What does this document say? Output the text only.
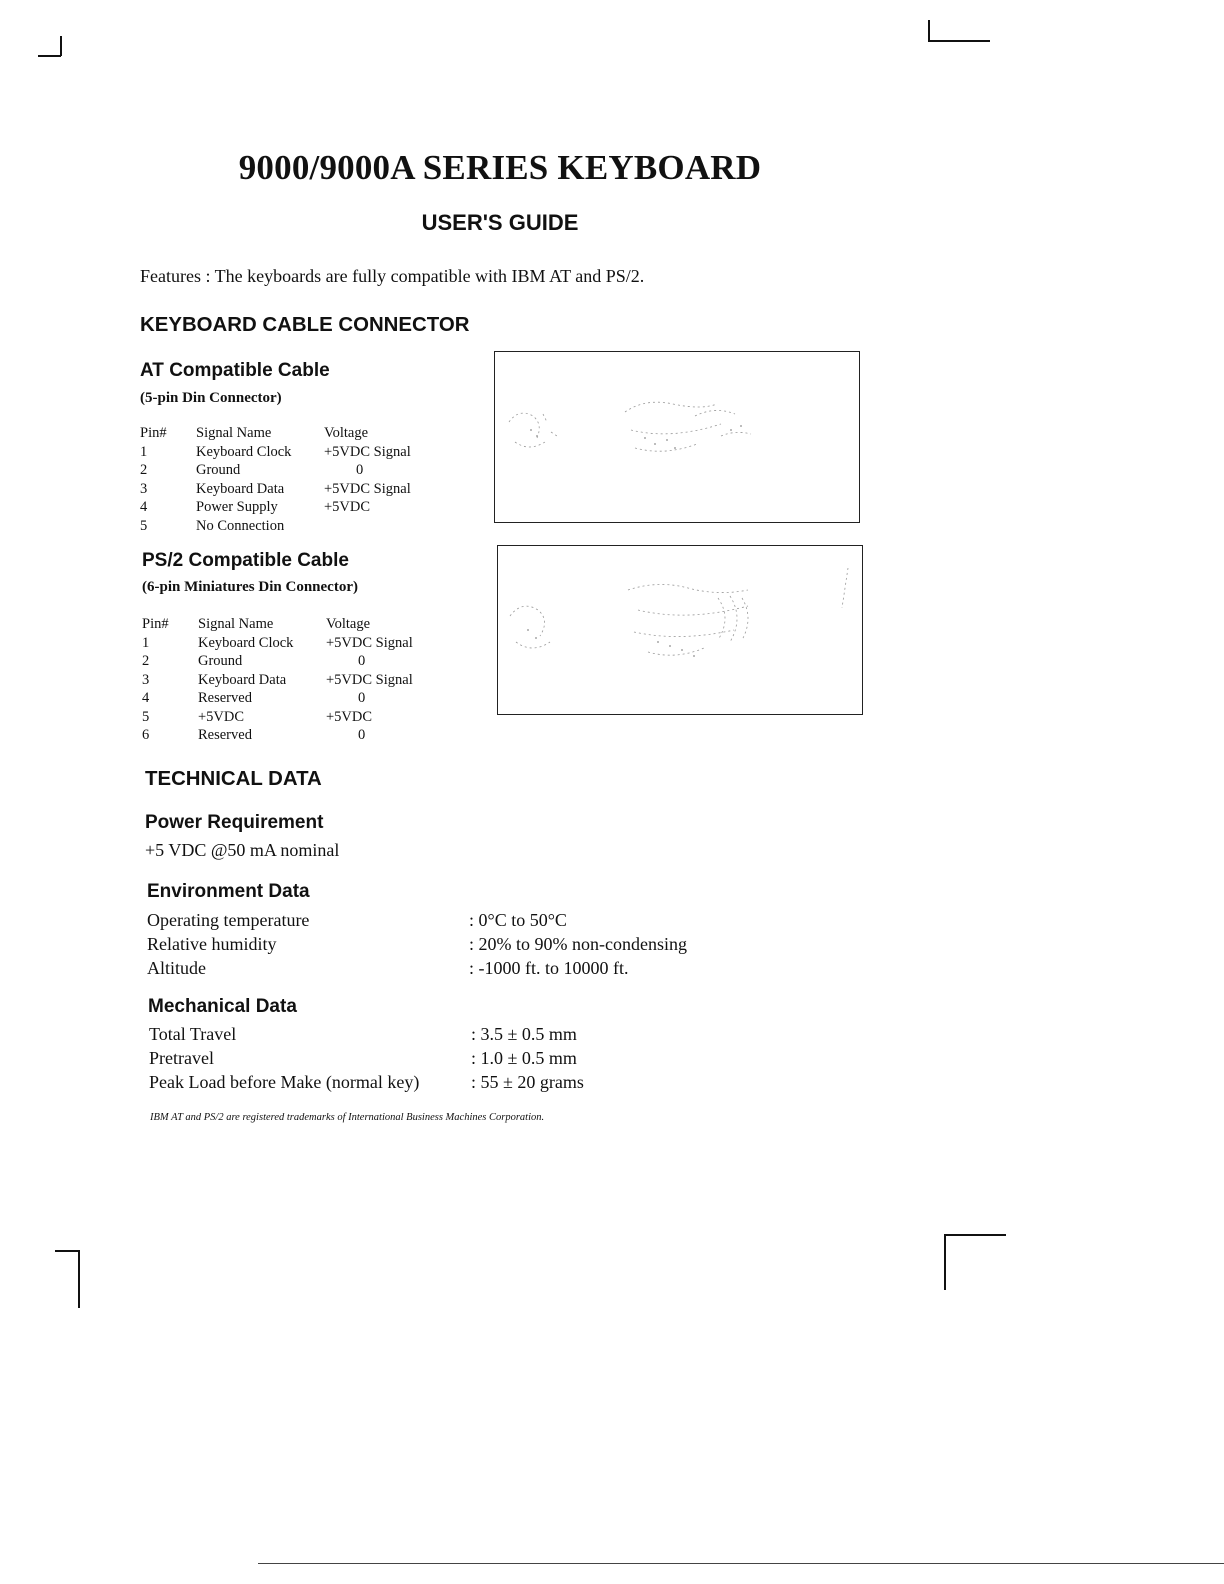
9000/9000A SERIES KEYBOARD
USER'S GUIDE
Features : The keyboards are fully compatible with IBM AT and PS/2.
KEYBOARD CABLE CONNECTOR
AT Compatible Cable
(5-pin Din Connector)
Pin#	Signal Name	Voltage
1	Keyboard Clock	+5VDC Signal
2	Ground	0
3	Keyboard Data	+5VDC Signal
4	Power Supply	+5VDC
5	No Connection	
PS/2 Compatible Cable
(6-pin Miniatures Din Connector)
Pin#	Signal Name	Voltage
1	Keyboard Clock	+5VDC Signal
2	Ground	0
3	Keyboard Data	+5VDC Signal
4	Reserved	0
5	+5VDC	+5VDC
6	Reserved	0
TECHNICAL DATA
Power Requirement
+5 VDC @50 mA nominal
Environment Data
Operating temperature	: 0°C to 50°C
Relative humidity	: 20% to 90% non-condensing
Altitude	: -1000 ft. to 10000 ft.
Mechanical Data
Total Travel	: 3.5 ± 0.5 mm
Pretravel	: 1.0 ± 0.5 mm
Peak Load before Make (normal key)	: 55 ± 20 grams
IBM AT and PS/2 are registered trademarks of International Business Machines Corporation.
